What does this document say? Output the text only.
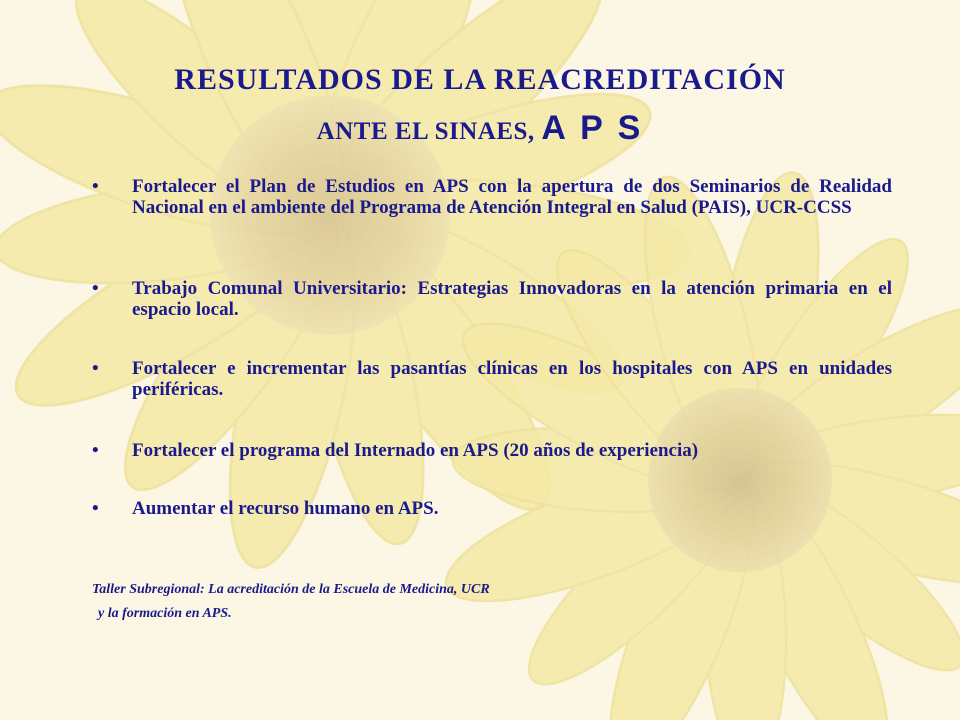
RESULTADOS DE LA REACREDITACIÓN
ANTE EL SINAES, A P S
•	Fortalecer el Plan de Estudios en APS con la apertura de dos Seminarios de Realidad Nacional en el ambiente del Programa de Atención Integral en Salud (PAIS), UCR-CCSS
•	Trabajo Comunal Universitario: Estrategias Innovadoras en la atención primaria en el espacio local.
•	Fortalecer e incrementar las pasantías clínicas en los hospitales con APS en unidades periféricas.
•	Fortalecer el programa del Internado en APS (20 años de experiencia)
•	Aumentar el recurso humano en APS.
Taller Subregional: La acreditación de la Escuela de Medicina, UCR
y la formación en APS.
